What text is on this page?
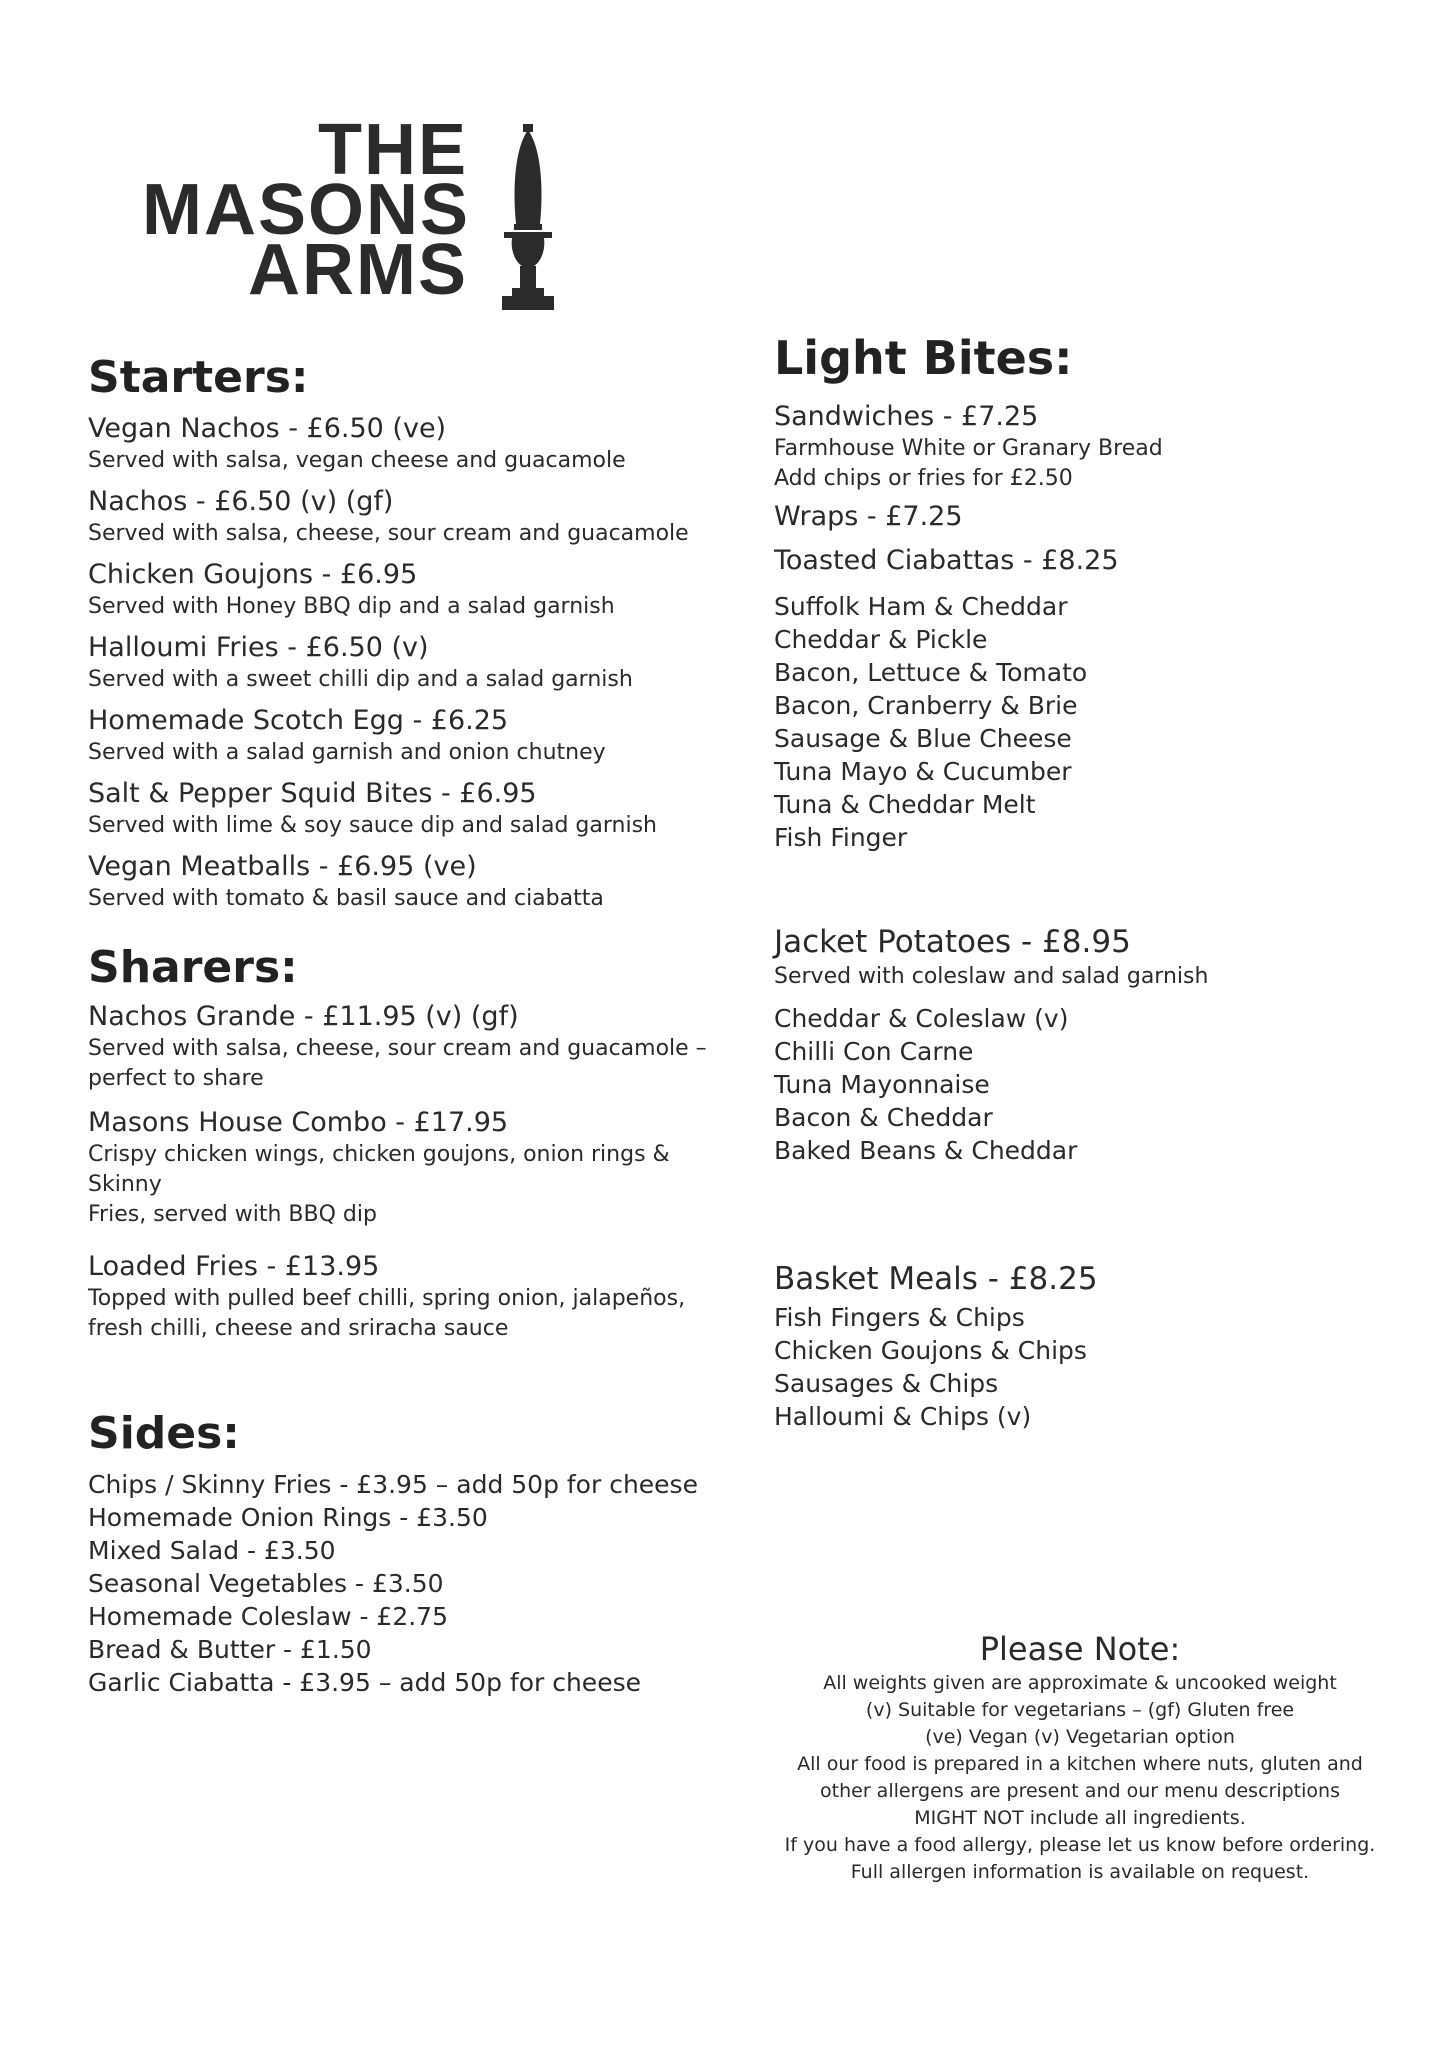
THE
MASONS
ARMS
Starters:
Vegan Nachos - £6.50 (ve)
Served with salsa, vegan cheese and guacamole
Nachos - £6.50 (v) (gf)
Served with salsa, cheese, sour cream and guacamole
Chicken Goujons - £6.95
Served with Honey BBQ dip and a salad garnish
Halloumi Fries - £6.50 (v)
Served with a sweet chilli dip and a salad garnish
Homemade Scotch Egg - £6.25
Served with a salad garnish and onion chutney
Salt & Pepper Squid Bites - £6.95
Served with lime & soy sauce dip and salad garnish
Vegan Meatballs - £6.95 (ve)
Served with tomato & basil sauce and ciabatta
Sharers:
Nachos Grande - £11.95 (v) (gf)
Served with salsa, cheese, sour cream and guacamole –
perfect to share
Masons House Combo - £17.95
Crispy chicken wings, chicken goujons, onion rings & Skinny
Fries, served with BBQ dip
Loaded Fries - £13.95
Topped with pulled beef chilli, spring onion, jalapeños,
fresh chilli, cheese and sriracha sauce
Sides:
Chips / Skinny Fries - £3.95 – add 50p for cheese
Homemade Onion Rings - £3.50
Mixed Salad - £3.50
Seasonal Vegetables - £3.50
Homemade Coleslaw - £2.75
Bread & Butter - £1.50
Garlic Ciabatta - £3.95 – add 50p for cheese
Light Bites:
Sandwiches - £7.25
Farmhouse White or Granary Bread
Add chips or fries for £2.50
Wraps - £7.25
Toasted Ciabattas - £8.25
Suffolk Ham & Cheddar
Cheddar & Pickle
Bacon, Lettuce & Tomato
Bacon, Cranberry & Brie
Sausage & Blue Cheese
Tuna Mayo & Cucumber
Tuna & Cheddar Melt
Fish Finger
Jacket Potatoes - £8.95
Served with coleslaw and salad garnish
Cheddar & Coleslaw (v)
Chilli Con Carne
Tuna Mayonnaise
Bacon & Cheddar
Baked Beans & Cheddar
Basket Meals - £8.25
Fish Fingers & Chips
Chicken Goujons & Chips
Sausages & Chips
Halloumi & Chips (v)
Please Note:
All weights given are approximate & uncooked weight
(v) Suitable for vegetarians – (gf) Gluten free
(ve) Vegan (v) Vegetarian option
All our food is prepared in a kitchen where nuts, gluten and
other allergens are present and our menu descriptions
MIGHT NOT include all ingredients.
If you have a food allergy, please let us know before ordering.
Full allergen information is available on request.
